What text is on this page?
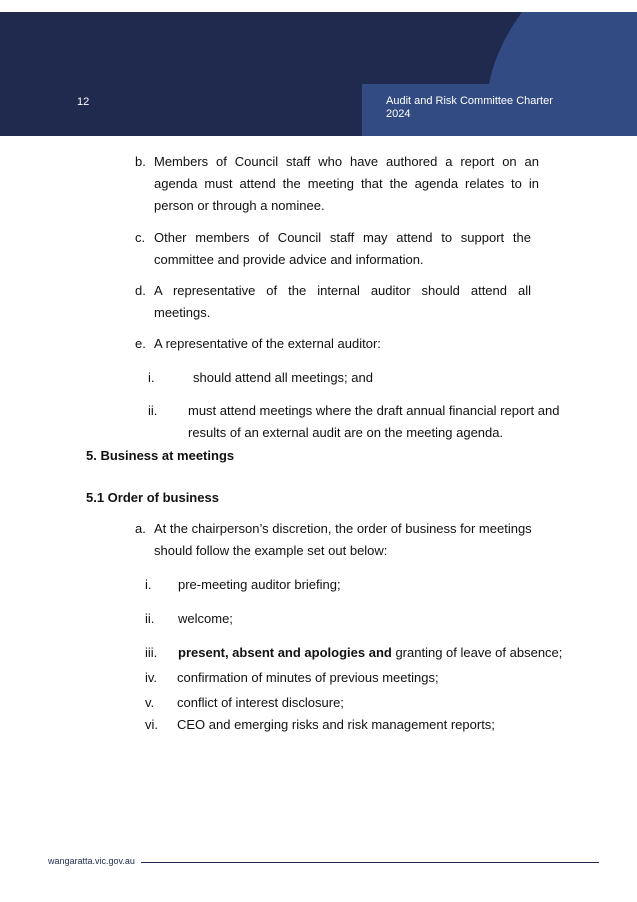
12	Audit and Risk Committee Charter
2024
b. Members of Council staff who have authored a report on an agenda must attend the meeting that the agenda relates to in person or through a nominee.
c. Other members of Council staff may attend to support the committee and provide advice and information.
d. A representative of the internal auditor should attend all meetings.
e. A representative of the external auditor:
i.	should attend all meetings; and
ii. must attend meetings where the draft annual financial report and results of an external audit are on the meeting agenda.
5. Business at meetings
5.1 Order of business
a. At the chairperson’s discretion, the order of business for meetings should follow the example set out below:
i. pre-meeting auditor briefing;
ii. welcome;
iii. present, absent and apologies and granting of leave of absence;
iv. confirmation of minutes of previous meetings;
v. conflict of interest disclosure;
vi. CEO and emerging risks and risk management reports;
wangaratta.vic.gov.au
